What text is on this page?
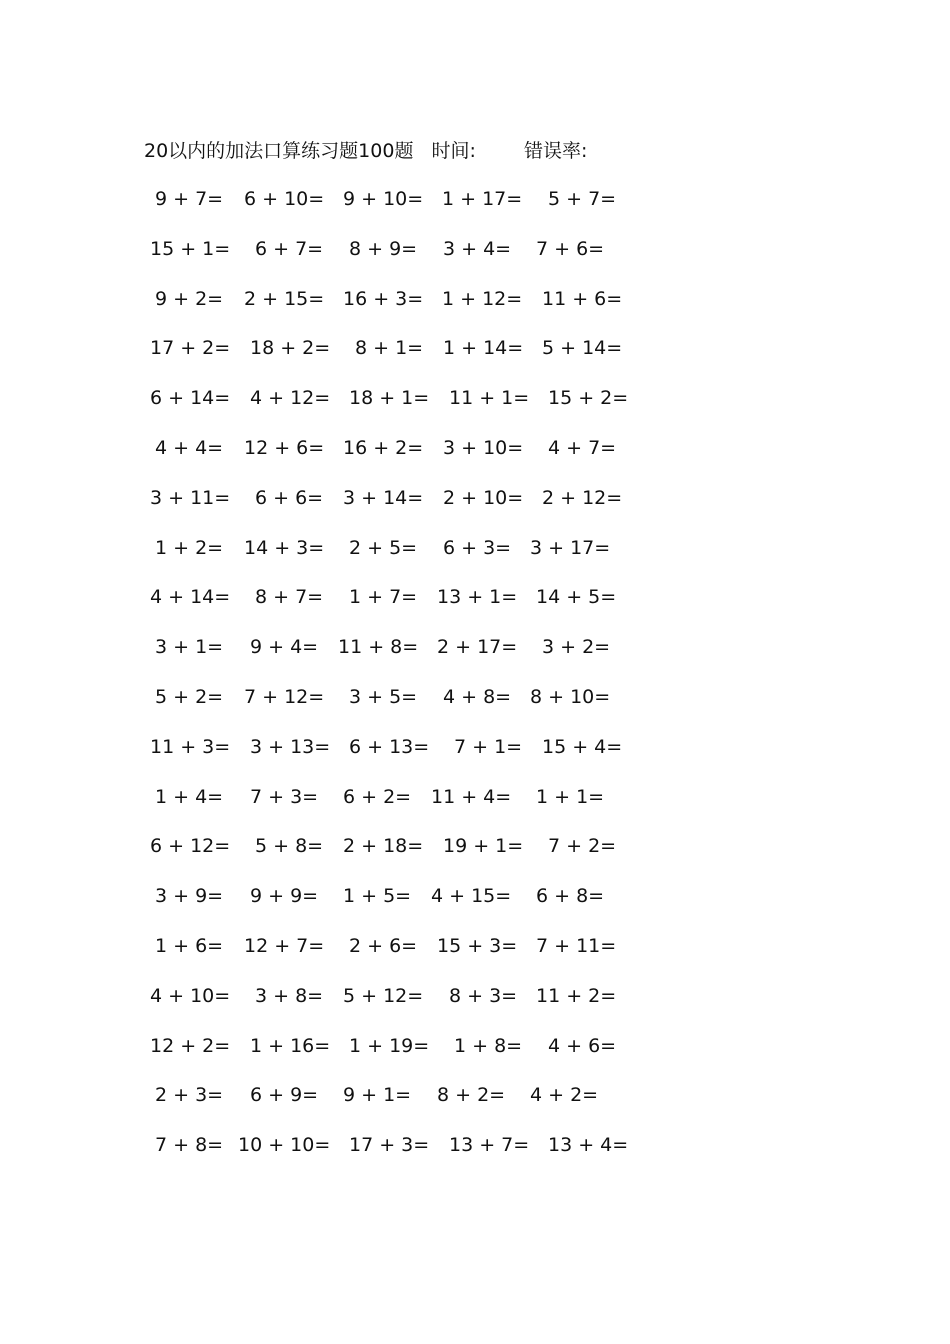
20以内的加法口算练习题100题 时间:	错误率:
9 + 7= 6 + 10= 9 + 10= 1 + 17= 5 + 7=
15 + 1= 6 + 7= 8 + 9= 3 + 4= 7 + 6=
9 + 2= 2 + 15= 16 + 3= 1 + 12= 11 + 6=
17 + 2= 18 + 2= 8 + 1= 1 + 14= 5 + 14=
6 + 14= 4 + 12= 18 + 1= 11 + 1= 15 + 2=
4 + 4= 12 + 6= 16 + 2= 3 + 10= 4 + 7=
3 + 11= 6 + 6= 3 + 14= 2 + 10= 2 + 12=
1 + 2= 14 + 3= 2 + 5= 6 + 3= 3 + 17=
4 + 14= 8 + 7= 1 + 7= 13 + 1= 14 + 5=
3 + 1= 9 + 4= 11 + 8= 2 + 17= 3 + 2=
5 + 2= 7 + 12= 3 + 5= 4 + 8= 8 + 10=
11 + 3= 3 + 13= 6 + 13= 7 + 1= 15 + 4=
1 + 4= 7 + 3= 6 + 2= 11 + 4= 1 + 1=
6 + 12= 5 + 8= 2 + 18= 19 + 1= 7 + 2=
3 + 9= 9 + 9= 1 + 5= 4 + 15= 6 + 8=
1 + 6= 12 + 7= 2 + 6= 15 + 3= 7 + 11=
4 + 10= 3 + 8= 5 + 12= 8 + 3= 11 + 2=
12 + 2= 1 + 16= 1 + 19= 1 + 8= 4 + 6=
2 + 3= 6 + 9= 9 + 1= 8 + 2= 4 + 2=
7 + 8= 10 + 10= 17 + 3= 13 + 7= 13 + 4=
